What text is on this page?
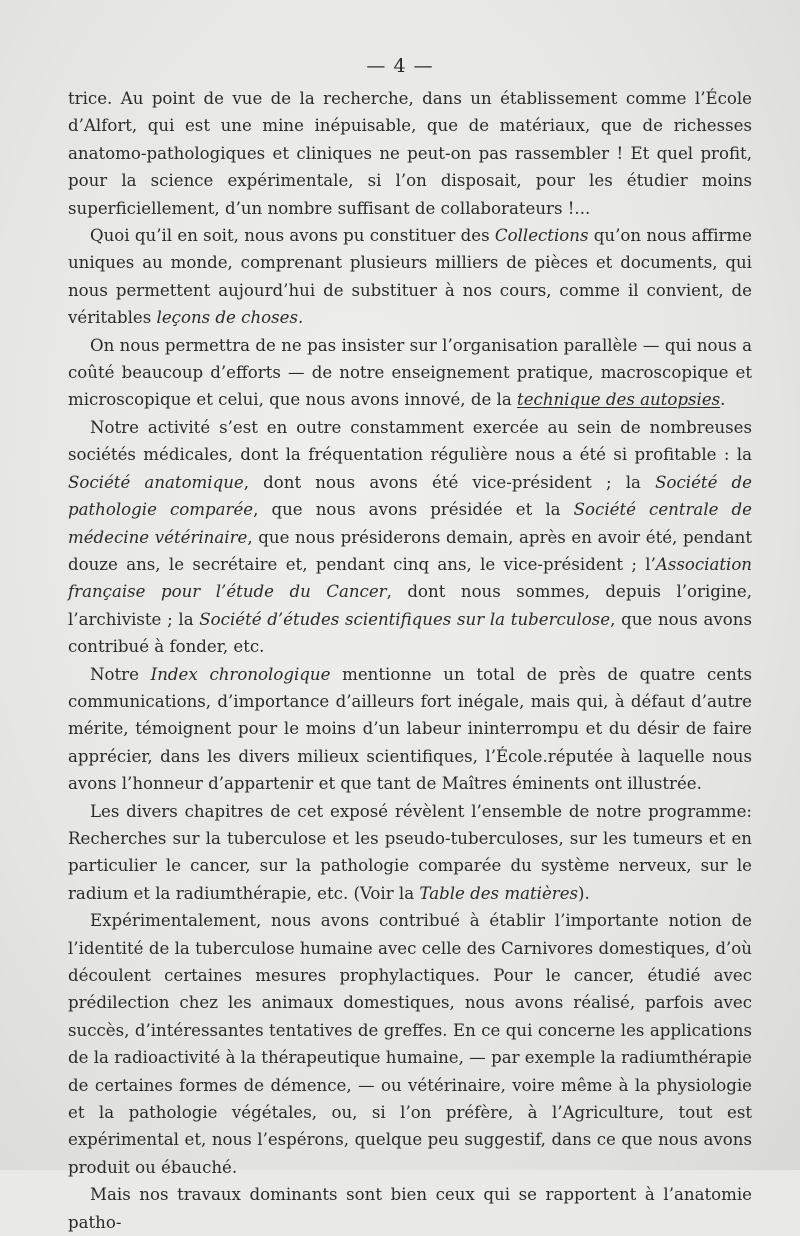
— 4 —

trice. Au point de vue de la recherche, dans un établissement comme l’École d’Alfort, qui est une mine inépuisable, que de matériaux, que de richesses anatomo-pathologiques et cliniques ne peut-on pas rassembler ! Et quel profit, pour la science expérimentale, si l’on disposait, pour les étudier moins superficiellement, d’un nombre suffisant de collaborateurs !...

Quoi qu’il en soit, nous avons pu constituer des Collections qu’on nous affirme uniques au monde, comprenant plusieurs milliers de pièces et documents, qui nous permettent aujourd’hui de substituer à nos cours, comme il convient, de véritables leçons de choses.

On nous permettra de ne pas insister sur l’organisation parallèle — qui nous a coûté beaucoup d’efforts — de notre enseignement pratique, macroscopique et microscopique et celui, que nous avons innové, de la technique des autopsies.

Notre activité s’est en outre constamment exercée au sein de nombreuses sociétés médicales, dont la fréquentation régulière nous a été si profitable : la Société anatomique, dont nous avons été vice-président ; la Société de pathologie comparée, que nous avons présidée et la Société centrale de médecine vétérinaire, que nous présiderons demain, après en avoir été, pendant douze ans, le secrétaire et, pendant cinq ans, le vice-président ; l’Association française pour l’étude du Cancer, dont nous sommes, depuis l’origine, l’archiviste ; la Société d’études scientifiques sur la tuberculose, que nous avons contribué à fonder, etc.

Notre Index chronologique mentionne un total de près de quatre cents communications, d’importance d’ailleurs fort inégale, mais qui, à défaut d’autre mérite, témoignent pour le moins d’un labeur ininterrompu et du désir de faire apprécier, dans les divers milieux scientifiques, l’École.réputée à laquelle nous avons l’honneur d’appartenir et que tant de Maîtres éminents ont illustrée.

Les divers chapitres de cet exposé révèlent l’ensemble de notre programme: Recherches sur la tuberculose et les pseudo-tuberculoses, sur les tumeurs et en particulier le cancer, sur la pathologie comparée du système nerveux, sur le radium et la radiumthérapie, etc. (Voir la Table des matières).

Expérimentalement, nous avons contribué à établir l’importante notion de l’identité de la tuberculose humaine avec celle des Carnivores domestiques, d’où découlent certaines mesures prophylactiques. Pour le cancer, étudié avec prédilection chez les animaux domestiques, nous avons réalisé, parfois avec succès, d’intéressantes tentatives de greffes. En ce qui concerne les applications de la radioactivité à la thérapeutique humaine, — par exemple la radiumthérapie de certaines formes de démence, — ou vétérinaire, voire même à la physiologie et la pathologie végétales, ou, si l’on préfère, à l’Agriculture, tout est expérimental et, nous l’espérons, quelque peu suggestif, dans ce que nous avons produit ou ébauché.

Mais nos travaux dominants sont bien ceux qui se rapportent à l’anatomie patho-
